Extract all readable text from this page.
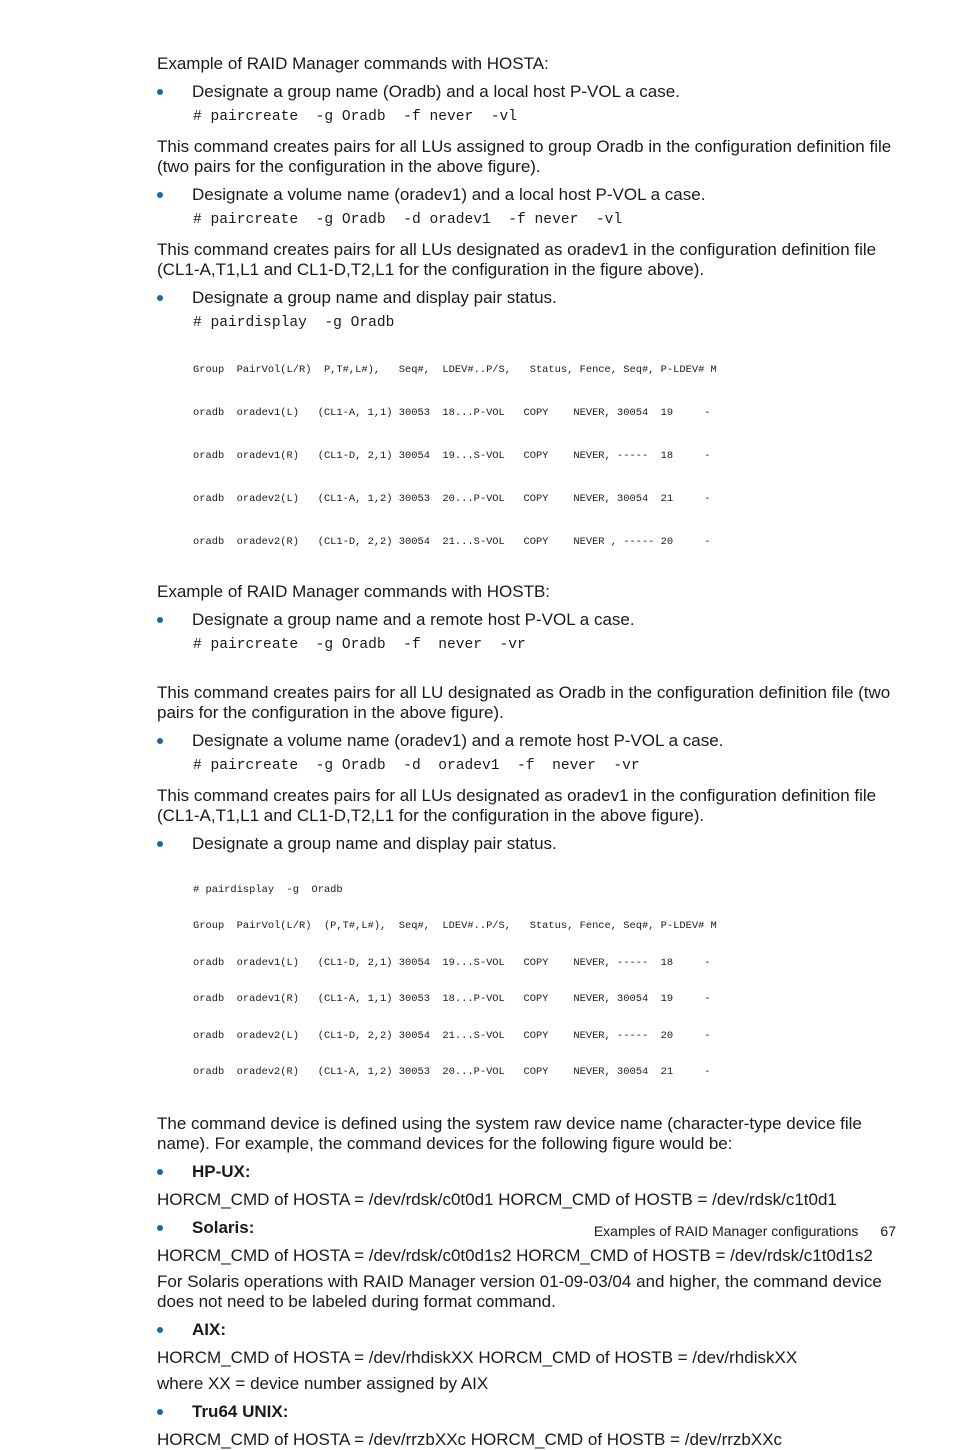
Example of RAID Manager commands with HOSTA:

Designate a group name (Oradb) and a local host P-VOL a case.
# paircreate  -g Oradb  -f never  -vl

This command creates pairs for all LUs assigned to group Oradb in the configuration definition file (two pairs for the configuration in the above figure).

Designate a volume name (oradev1) and a local host P-VOL a case.
# paircreate  -g Oradb  -d oradev1  -f never  -vl

This command creates pairs for all LUs designated as oradev1 in the configuration definition file (CL1-A,T1,L1 and CL1-D,T2,L1 for the configuration in the figure above).

Designate a group name and display pair status.
# pairdisplay  -g Oradb

Group  PairVol(L/R)  P,T#,L#),   Seq#,  LDEV#..P/S,   Status, Fence, Seq#, P-LDEV# M

oradb  oradev1(L)   (CL1-A, 1,1) 30053  18...P-VOL   COPY    NEVER, 30054  19     -

oradb  oradev1(R)   (CL1-D, 2,1) 30054  19...S-VOL   COPY    NEVER, -----  18     -

oradb  oradev2(L)   (CL1-A, 1,2) 30053  20...P-VOL   COPY    NEVER, 30054  21     -

oradb  oradev2(R)   (CL1-D, 2,2) 30054  21...S-VOL   COPY    NEVER , ----- 20     -

Example of RAID Manager commands with HOSTB:

Designate a group name and a remote host P-VOL a case.
# paircreate  -g Oradb  -f  never  -vr

This command creates pairs for all LU designated as Oradb in the configuration definition file (two pairs for the configuration in the above figure).

Designate a volume name (oradev1) and a remote host P-VOL a case.
# paircreate  -g Oradb  -d  oradev1  -f  never  -vr

This command creates pairs for all LUs designated as oradev1 in the configuration definition file (CL1-A,T1,L1 and CL1-D,T2,L1 for the configuration in the above figure).

Designate a group name and display pair status.

# pairdisplay  -g  Oradb

Group  PairVol(L/R)  (P,T#,L#),  Seq#,  LDEV#..P/S,   Status, Fence, Seq#, P-LDEV# M

oradb  oradev1(L)   (CL1-D, 2,1) 30054  19...S-VOL   COPY    NEVER, -----  18     -

oradb  oradev1(R)   (CL1-A, 1,1) 30053  18...P-VOL   COPY    NEVER, 30054  19     -

oradb  oradev2(L)   (CL1-D, 2,2) 30054  21...S-VOL   COPY    NEVER, -----  20     -

oradb  oradev2(R)   (CL1-A, 1,2) 30053  20...P-VOL   COPY    NEVER, 30054  21     -

The command device is defined using the system raw device name (character-type device file name). For example, the command devices for the following figure would be:

HP-UX:

HORCM_CMD of HOSTA = /dev/rdsk/c0t0d1 HORCM_CMD of HOSTB = /dev/rdsk/c1t0d1

Solaris:

HORCM_CMD of HOSTA = /dev/rdsk/c0t0d1s2 HORCM_CMD of HOSTB = /dev/rdsk/c1t0d1s2

For Solaris operations with RAID Manager version 01-09-03/04 and higher, the command device does not need to be labeled during format command.

AIX:

HORCM_CMD of HOSTA = /dev/rhdiskXX HORCM_CMD of HOSTB = /dev/rhdiskXX

where XX = device number assigned by AIX

Tru64 UNIX:

HORCM_CMD of HOSTA = /dev/rrzbXXc HORCM_CMD of HOSTB = /dev/rrzbXXc

Examples of RAID Manager configurations 67
